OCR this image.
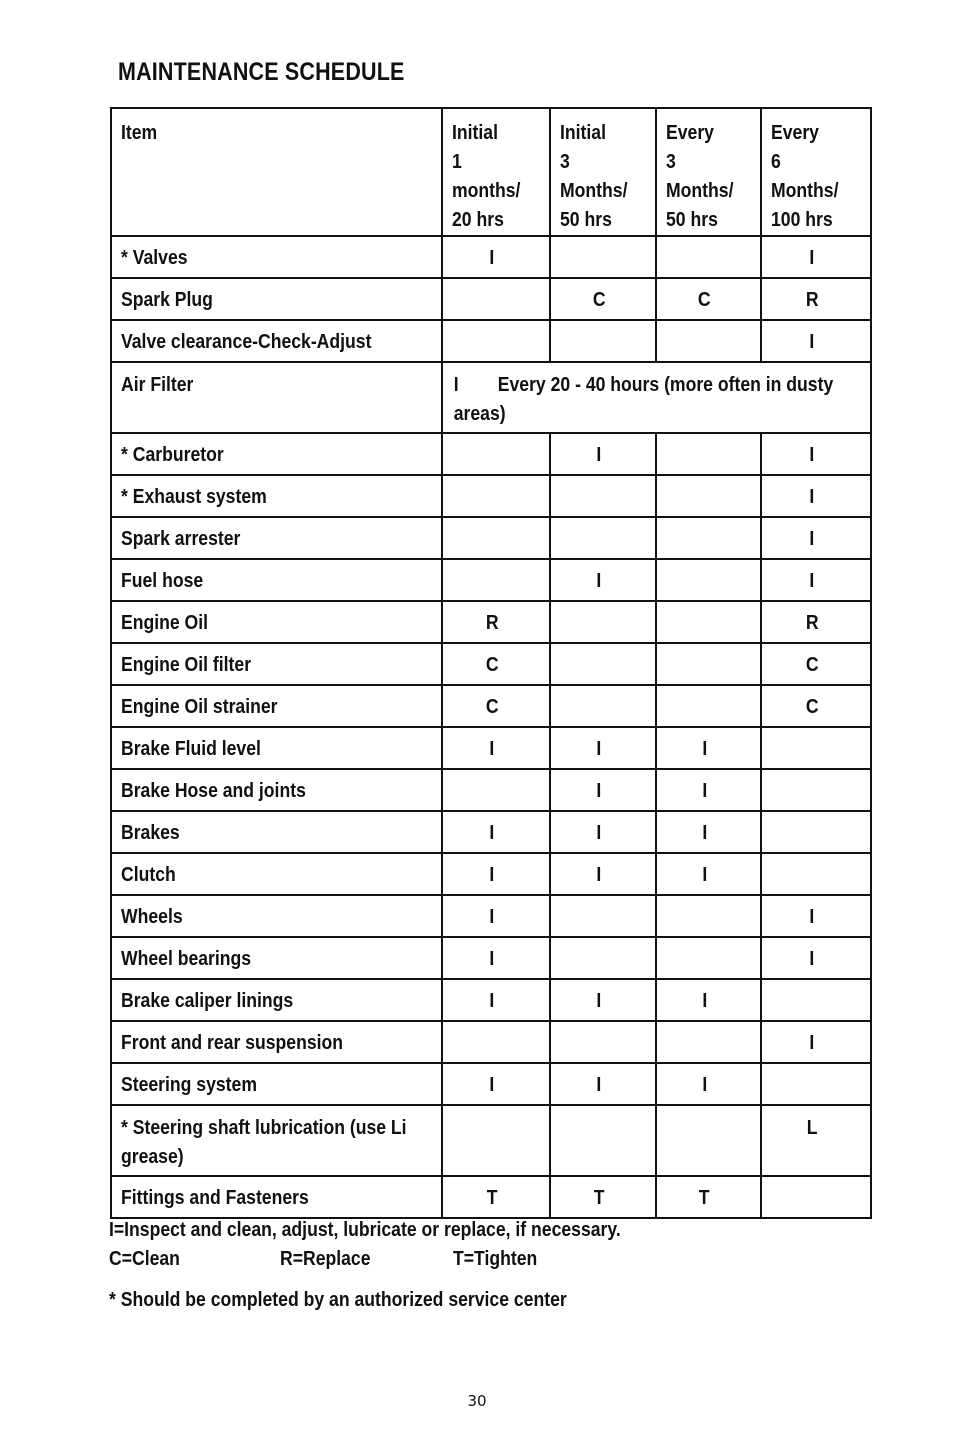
MAINTENANCE SCHEDULE
Item	Initial
1
months/
20 hrs	Initial
3
Months/
50 hrs	Every
3
Months/
50 hrs	Every
6
Months/
100 hrs

* Valves	I			I
Spark Plug		C	C	R
Valve clearance-Check-Adjust				I

Air Filter	I        Every 20 - 40 hours (more often in dusty areas)			

* Carburetor		I		I
* Exhaust system				I
Spark arrester				I
Fuel hose		I		I
Engine Oil	R			R
Engine Oil filter	C			C
Engine Oil strainer	C			C
Brake Fluid level	I	I	I	
Brake Hose and joints		I	I	
Brakes	I	I	I	
Clutch	I	I	I	
Wheels	I			I
Wheel bearings	I			I
Brake caliper linings	I	I	I	
Front and rear suspension				I
Steering system	I	I	I	

* Steering shaft lubrication (use Li grease)				L
Fittings and Fasteners	T	T	T	
I=Inspect and clean, adjust, lubricate or replace, if necessary.
C=Clean	R=Replace	T=Tighten
* Should be completed by an authorized service center
30
